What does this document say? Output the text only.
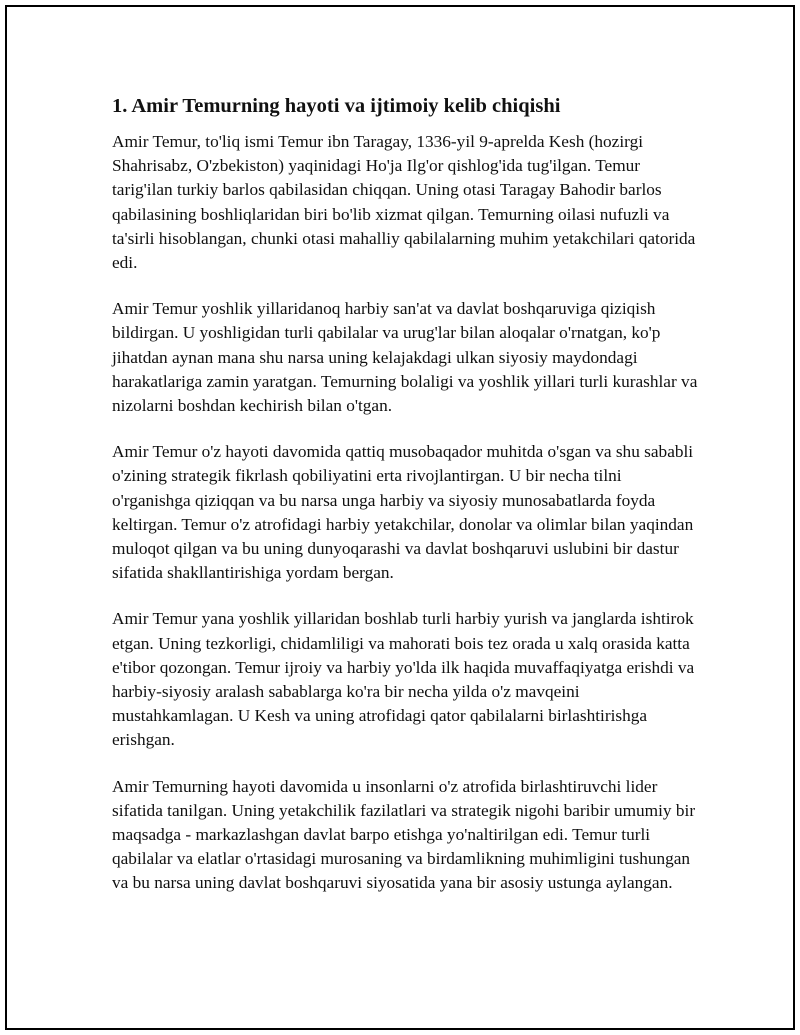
1. Amir Temurning hayoti va ijtimoiy kelib chiqishi

Amir Temur, to'liq ismi Temur ibn Taragay, 1336-yil 9-aprelda Kesh (hozirgi Shahrisabz, O'zbekiston) yaqinidagi Ho'ja Ilg'or qishlog'ida tug'ilgan. Temur tarig'ilan turkiy barlos qabilasidan chiqqan. Uning otasi Taragay Bahodir barlos qabilasining boshliqlaridan biri bo'lib xizmat qilgan. Temurning oilasi nufuzli va ta'sirli hisoblangan, chunki otasi mahalliy qabilalarning muhim yetakchilari qatorida edi.

Amir Temur yoshlik yillaridanoq harbiy san'at va davlat boshqaruviga qiziqish bildirgan. U yoshligidan turli qabilalar va urug'lar bilan aloqalar o'rnatgan, ko'p jihatdan aynan mana shu narsa uning kelajakdagi ulkan siyosiy maydondagi harakatlariga zamin yaratgan. Temurning bolaligi va yoshlik yillari turli kurashlar va nizolarni boshdan kechirish bilan o'tgan.

Amir Temur o'z hayoti davomida qattiq musobaqador muhitda o'sgan va shu sababli o'zining strategik fikrlash qobiliyatini erta rivojlantirgan. U bir necha tilni o'rganishga qiziqqan va bu narsa unga harbiy va siyosiy munosabatlarda foyda keltirgan. Temur o'z atrofidagi harbiy yetakchilar, donolar va olimlar bilan yaqindan muloqot qilgan va bu uning dunyoqarashi va davlat boshqaruvi uslubini bir dastur sifatida shakllantirishiga yordam bergan.

Amir Temur yana yoshlik yillaridan boshlab turli harbiy yurish va janglarda ishtirok etgan. Uning tezkorligi, chidamliligi va mahorati bois tez orada u xalq orasida katta e'tibor qozongan. Temur ijroiy va harbiy yo'lda ilk haqida muvaffaqiyatga erishdi va harbiy-siyosiy aralash sabablarga ko'ra bir necha yilda o'z mavqeini mustahkamlagan. U Kesh va uning atrofidagi qator qabilalarni birlashtirishga erishgan.

Amir Temurning hayoti davomida u insonlarni o'z atrofida birlashtiruvchi lider sifatida tanilgan. Uning yetakchilik fazilatlari va strategik nigohi baribir umumiy bir maqsadga - markazlashgan davlat barpo etishga yo'naltirilgan edi. Temur turli qabilalar va elatlar o'rtasidagi murosaning va birdamlikning muhimligini tushungan va bu narsa uning davlat boshqaruvi siyosatida yana bir asosiy ustunga aylangan.
